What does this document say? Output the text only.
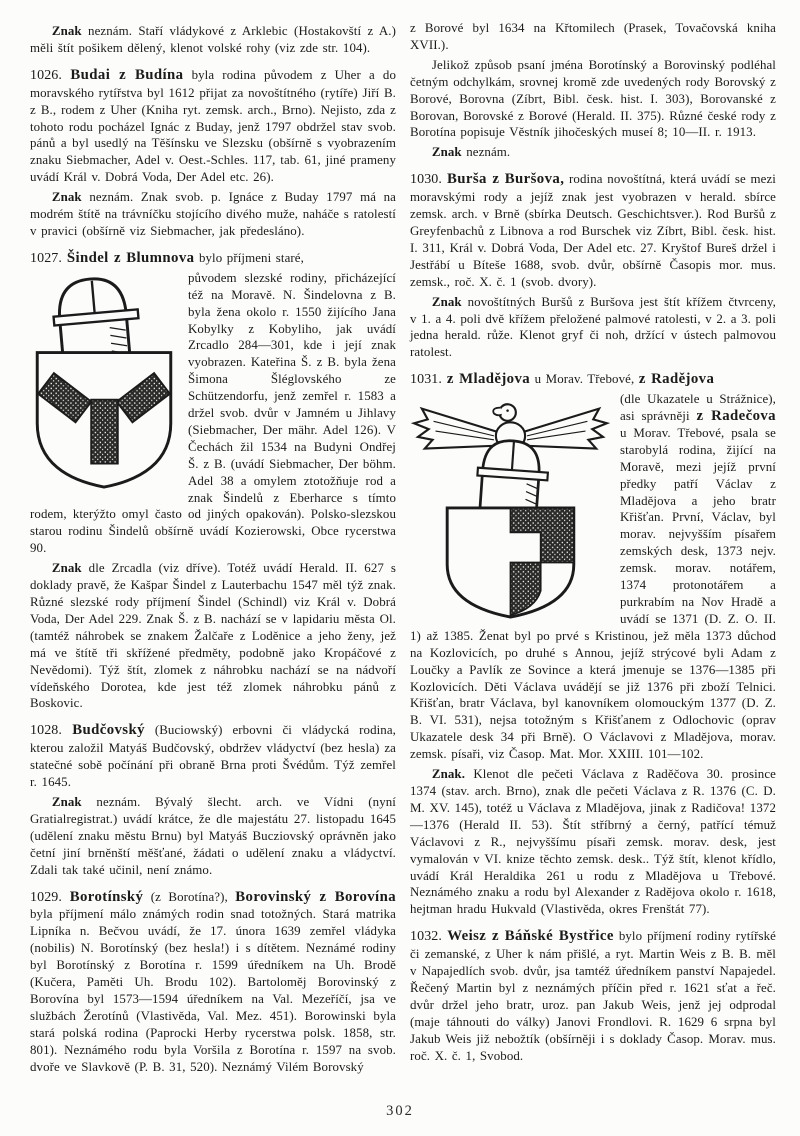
Znak neznám. Staří vládykové z Arklebic (Hostakovští z A.) měli štít pošikem dělený, klenot volské rohy (viz zde str. 104).

1026. Budai z Budína byla rodina původem z Uher a do moravského rytířstva byl 1612 přijat za novoštítného (rytíře) Jiří B. z B., rodem z Uher (Kniha ryt. zemsk. arch., Brno). Nejisto, zda z tohoto rodu pocházel Ignác z Buday, jenž 1797 obdržel stav svob. pánů a byl usedlý na Těšínsku ve Slezsku (obšírně s vyobrazením znaku Siebmacher, Adel v. Oest.-Schles. 117, tab. 61, jiné prameny uvádí Král v. Dobrá Voda, Der Adel etc. 26).

Znak neznám. Znak svob. p. Ignáce z Buday 1797 má na modrém štítě na trávníčku stojícího divého muže, naháče s ratolestí v pravici (obšírně viz Siebmacher, jak předesláno).

1027. Šindel z Blumnova bylo příjmeni staré,

původem slezské rodiny, přicházející též na Moravě. N. Šindelovna z B. byla žena okolo r. 1550 žijícího Jana Kobylky z Kobyliho, jak uvádí Zrcadlo 284—301, kde i její znak vyobrazen. Kateřina Š. z B. byla žena Šimona Šléglovského ze Schützendorfu, jenž zemřel r. 1583 a držel svob. dvůr v Jamném u Jihlavy (Siebmacher, Der mähr. Adel 126). V Čechách žil 1534 na Budyni Ondřej Š. z B. (uvádí Siebmacher, Der böhm. Adel 38 a omylem ztotožňuje rod a znak Šindelů z Eberharce s tímto rodem, kterýžto omyl často od jiných opakován). Polsko-slezskou starou rodinu Šindelů obšírně uvádí Kozierowski, Obce rycerstwa 90.

Znak dle Zrcadla (viz dříve). Totéž uvádí Herald. II. 627 s doklady pravě, že Kašpar Šindel z Lauterbachu 1547 měl týž znak. Různé slezské rody příjmení Šindel (Schindl) viz Král v. Dobrá Voda, Der Adel 229. Znak Š. z B. nachází se v lapidariu města Ol. (tamtéž náhrobek se znakem Žalčaře z Loděnice a jeho ženy, jež má ve štítě tři skřížené předměty, podobně jako Kropáčové z Nevědomi). Týž štít, zlomek z náhrobku nachází se na nádvoří vídeňského Dorotea, kde jest též zlomek náhrobku pánů z Boskovic.

1028. Budčovský (Buciowský) erbovni či vládycká rodina, kterou založil Matyáš Budčovský, obdržev vládyctví (bez hesla) za statečné sobě počínání při obraně Brna proti Švédům. Týž zemřel r. 1645.

Znak neznám. Bývalý šlecht. arch. ve Vídni (nyní Gratialregistrat.) uvádí krátce, že dle majestátu 27. listopadu 1645 (udělení znaku městu Brnu) byl Matyáš Bucziovský oprávněn jako četní jiní brněnští měšťané, žádati o udělení znaku a vládyctví. Zdali tak také učinil, není známo.

1029. Borotínský (z Borotína?), Borovinský z Borovína byla příjmení málo známých rodin snad totožných. Stará matrika Lipníka n. Bečvou uvádí, že 17. února 1639 zemřel vládyka (nobilis) N. Borotínský (bez hesla!) i s dítětem. Neznámé rodiny byl Borotínský z Borotína r. 1599 úředníkem na Uh. Brodě (Kučera, Paměti Uh. Brodu 102). Bartoloměj Borovinský z Borovína byl 1573—1594 úředníkem na Val. Mezeříčí, jsa ve službách Žerotínů (Vlastivěda, Val. Mez. 451). Borowinski byla stará polská rodina (Paprocki Herby rycerstwa polsk. 1858, str. 801). Neznámého rodu byla Voršila z Borotína r. 1597 na svob. dvoře ve Slavkově (P. B. 31, 520). Neznámý Vilém Borovský

z Borové byl 1634 na Křtomilech (Prasek, Tovačovská kniha XVII.).

Jelikož způsob psaní jména Borotínský a Borovinský podléhal četným odchylkám, srovnej kromě zde uvedených rody Borovský z Borové, Borovna (Zíbrt, Bibl. česk. hist. I. 303), Borovanské z Borovan, Borovské z Borové (Herald. II. 375). Různé české rody z Borotína popisuje Věstník jihočeských museí 8; 10—II. r. 1913.

Znak neznám.

1030. Burša z Buršova, rodina novoštítná, která uvádí se mezi moravskými rody a jejíž znak jest vyobrazen v herald. sbírce zemsk. arch. v Brně (sbírka Deutsch. Geschichtsver.). Rod Buršů z Greyfenbachů z Libnova a rod Burschek viz Zíbrt, Bibl. česk. hist. I. 311, Král v. Dobrá Voda, Der Adel etc. 27. Kryštof Bureš držel i Jestřábí u Bíteše 1688, svob. dvůr, obšírně Časopis mor. mus. zemsk., roč. X. č. 1 (svob. dvory).

Znak novoštítných Buršů z Buršova jest štít křížem čtvrceny, v 1. a 4. poli dvě křížem přeložené palmové ratolesti, v 2. a 3. poli jedna herald. růže. Klenot gryf či noh, držící v ústech palmovou ratolest.

1031. z Mladějova u Morav. Třebové, z Radějova

(dle Ukazatele u Strážnice), asi správněji z Radečova u Morav. Třebové, psala se starobylá rodina, žijící na Moravě, mezi jejíž první předky patří Václav z Mladějova a jeho bratr Křišťan. První, Václav, byl morav. nejvyšším písařem zemských desk, 1373 nejv. zemsk. morav. notářem, 1374 protonotářem a purkrabím na Nov Hradě a uvádí se 1371 (D. Z. O. II. 1) až 1385. Ženat byl po prvé s Kristinou, jež měla 1373 důchod na Kozlovicích, po druhé s Annou, jejíž strýcové byli Adam z Loučky a Pavlík ze Sovince a která jmenuje se 1376—1385 při Kozlovicích. Děti Václava uvádějí se již 1376 při zboží Telnici. Křišťan, bratr Václava, byl kanovníkem olomouckým 1377 (D. Z. B. VI. 531), nejsa totožným s Křišťanem z Odlochovic (oprav Ukazatele desk 34 při Brně). O Václavovi z Mladějova, morav. zemsk. písaři, viz Časop. Mat. Mor. XXIII. 101—102.

Znak. Klenot dle pečeti Václava z Raděčova 30. prosince 1374 (stav. arch. Brno), znak dle pečeti Václava z R. 1376 (C. D. M. XV. 145), totéž u Václava z Mladějova, jinak z Radičova! 1372—1376 (Herald II. 53). Štít stříbrný a černý, patřící témuž Václavovi z R., nejvyššímu písaři zemsk. morav. desk, jest vymalován v VI. knize těchto zemsk. desk.. Týž štít, klenot křídlo, uvádí Král Heraldika 261 u rodu z Mladějova u Třebové. Neznámého znaku a rodu byl Alexander z Radějova okolo r. 1618, hejtman hradu Hukvald (Vlastivěda, okres Frenštát 77).

1032. Weisz z Báňské Bystřice bylo příjmení rodiny rytířské či zemanské, z Uher k nám přišlé, a ryt. Martin Weis z B. B. měl v Napajedlích svob. dvůr, jsa tamtéž úředníkem panství Napajedel. Řečený Martin byl z neznámých příčin před r. 1621 sťat a řeč. dvůr držel jeho bratr, uroz. pan Jakub Weis, jenž jej odprodal (maje táhnouti do války) Janovi Frondlovi. R. 1629 6 srpna byl Jakub Weis již nebožtík (obšírněji i s doklady Časop. Morav. mus. roč. X. č. 1, Svobod.

302
